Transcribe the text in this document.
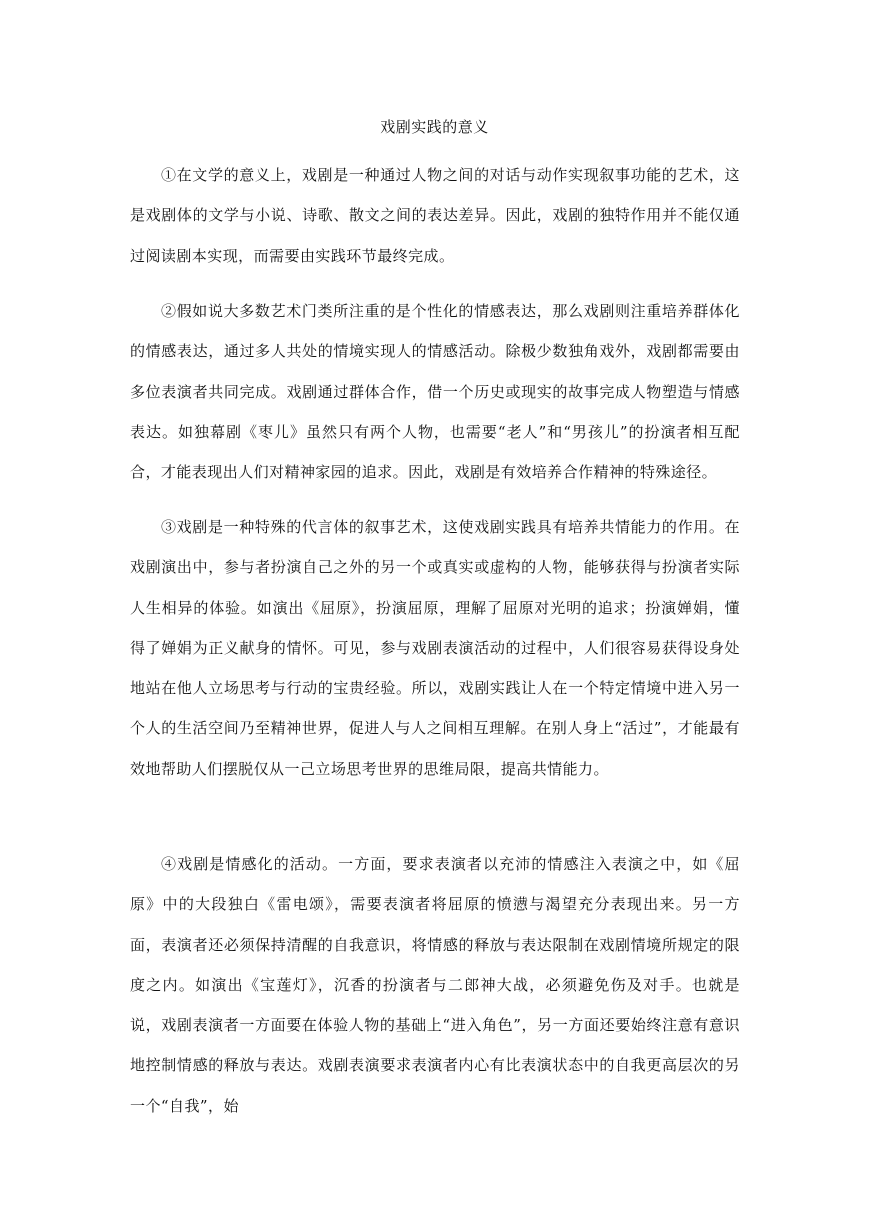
戏剧实践的意义

①在文学的意义上，戏剧是一种通过人物之间的对话与动作实现叙事功能的艺术，这是戏剧体的文学与小说、诗歌、散文之间的表达差异。因此，戏剧的独特作用并不能仅通过阅读剧本实现，而需要由实践环节最终完成。

②假如说大多数艺术门类所注重的是个性化的情感表达，那么戏剧则注重培养群体化的情感表达，通过多人共处的情境实现人的情感活动。除极少数独角戏外，戏剧都需要由多位表演者共同完成。戏剧通过群体合作，借一个历史或现实的故事完成人物塑造与情感表达。如独幕剧《枣儿》虽然只有两个人物，也需要“老人”和“男孩儿”的扮演者相互配合，才能表现出人们对精神家园的追求。因此，戏剧是有效培养合作精神的特殊途径。

③戏剧是一种特殊的代言体的叙事艺术，这使戏剧实践具有培养共情能力的作用。在戏剧演出中，参与者扮演自己之外的另一个或真实或虚构的人物，能够获得与扮演者实际人生相异的体验。如演出《屈原》，扮演屈原，理解了屈原对光明的追求；扮演婵娟，懂得了婵娟为正义献身的情怀。可见，参与戏剧表演活动的过程中，人们很容易获得设身处地站在他人立场思考与行动的宝贵经验。所以，戏剧实践让人在一个特定情境中进入另一个人的生活空间乃至精神世界，促进人与人之间相互理解。在别人身上“活过”，才能最有效地帮助人们摆脱仅从一己立场思考世界的思维局限，提高共情能力。

④戏剧是情感化的活动。一方面，要求表演者以充沛的情感注入表演之中，如《屈原》中的大段独白《雷电颂》，需要表演者将屈原的愤懑与渴望充分表现出来。另一方面，表演者还必须保持清醒的自我意识，将情感的释放与表达限制在戏剧情境所规定的限度之内。如演出《宝莲灯》，沉香的扮演者与二郎神大战，必须避免伤及对手。也就是说，戏剧表演者一方面要在体验人物的基础上“进入角色”，另一方面还要始终注意有意识地控制情感的释放与表达。戏剧表演要求表演者内心有比表演状态中的自我更高层次的另一个“自我”，始
